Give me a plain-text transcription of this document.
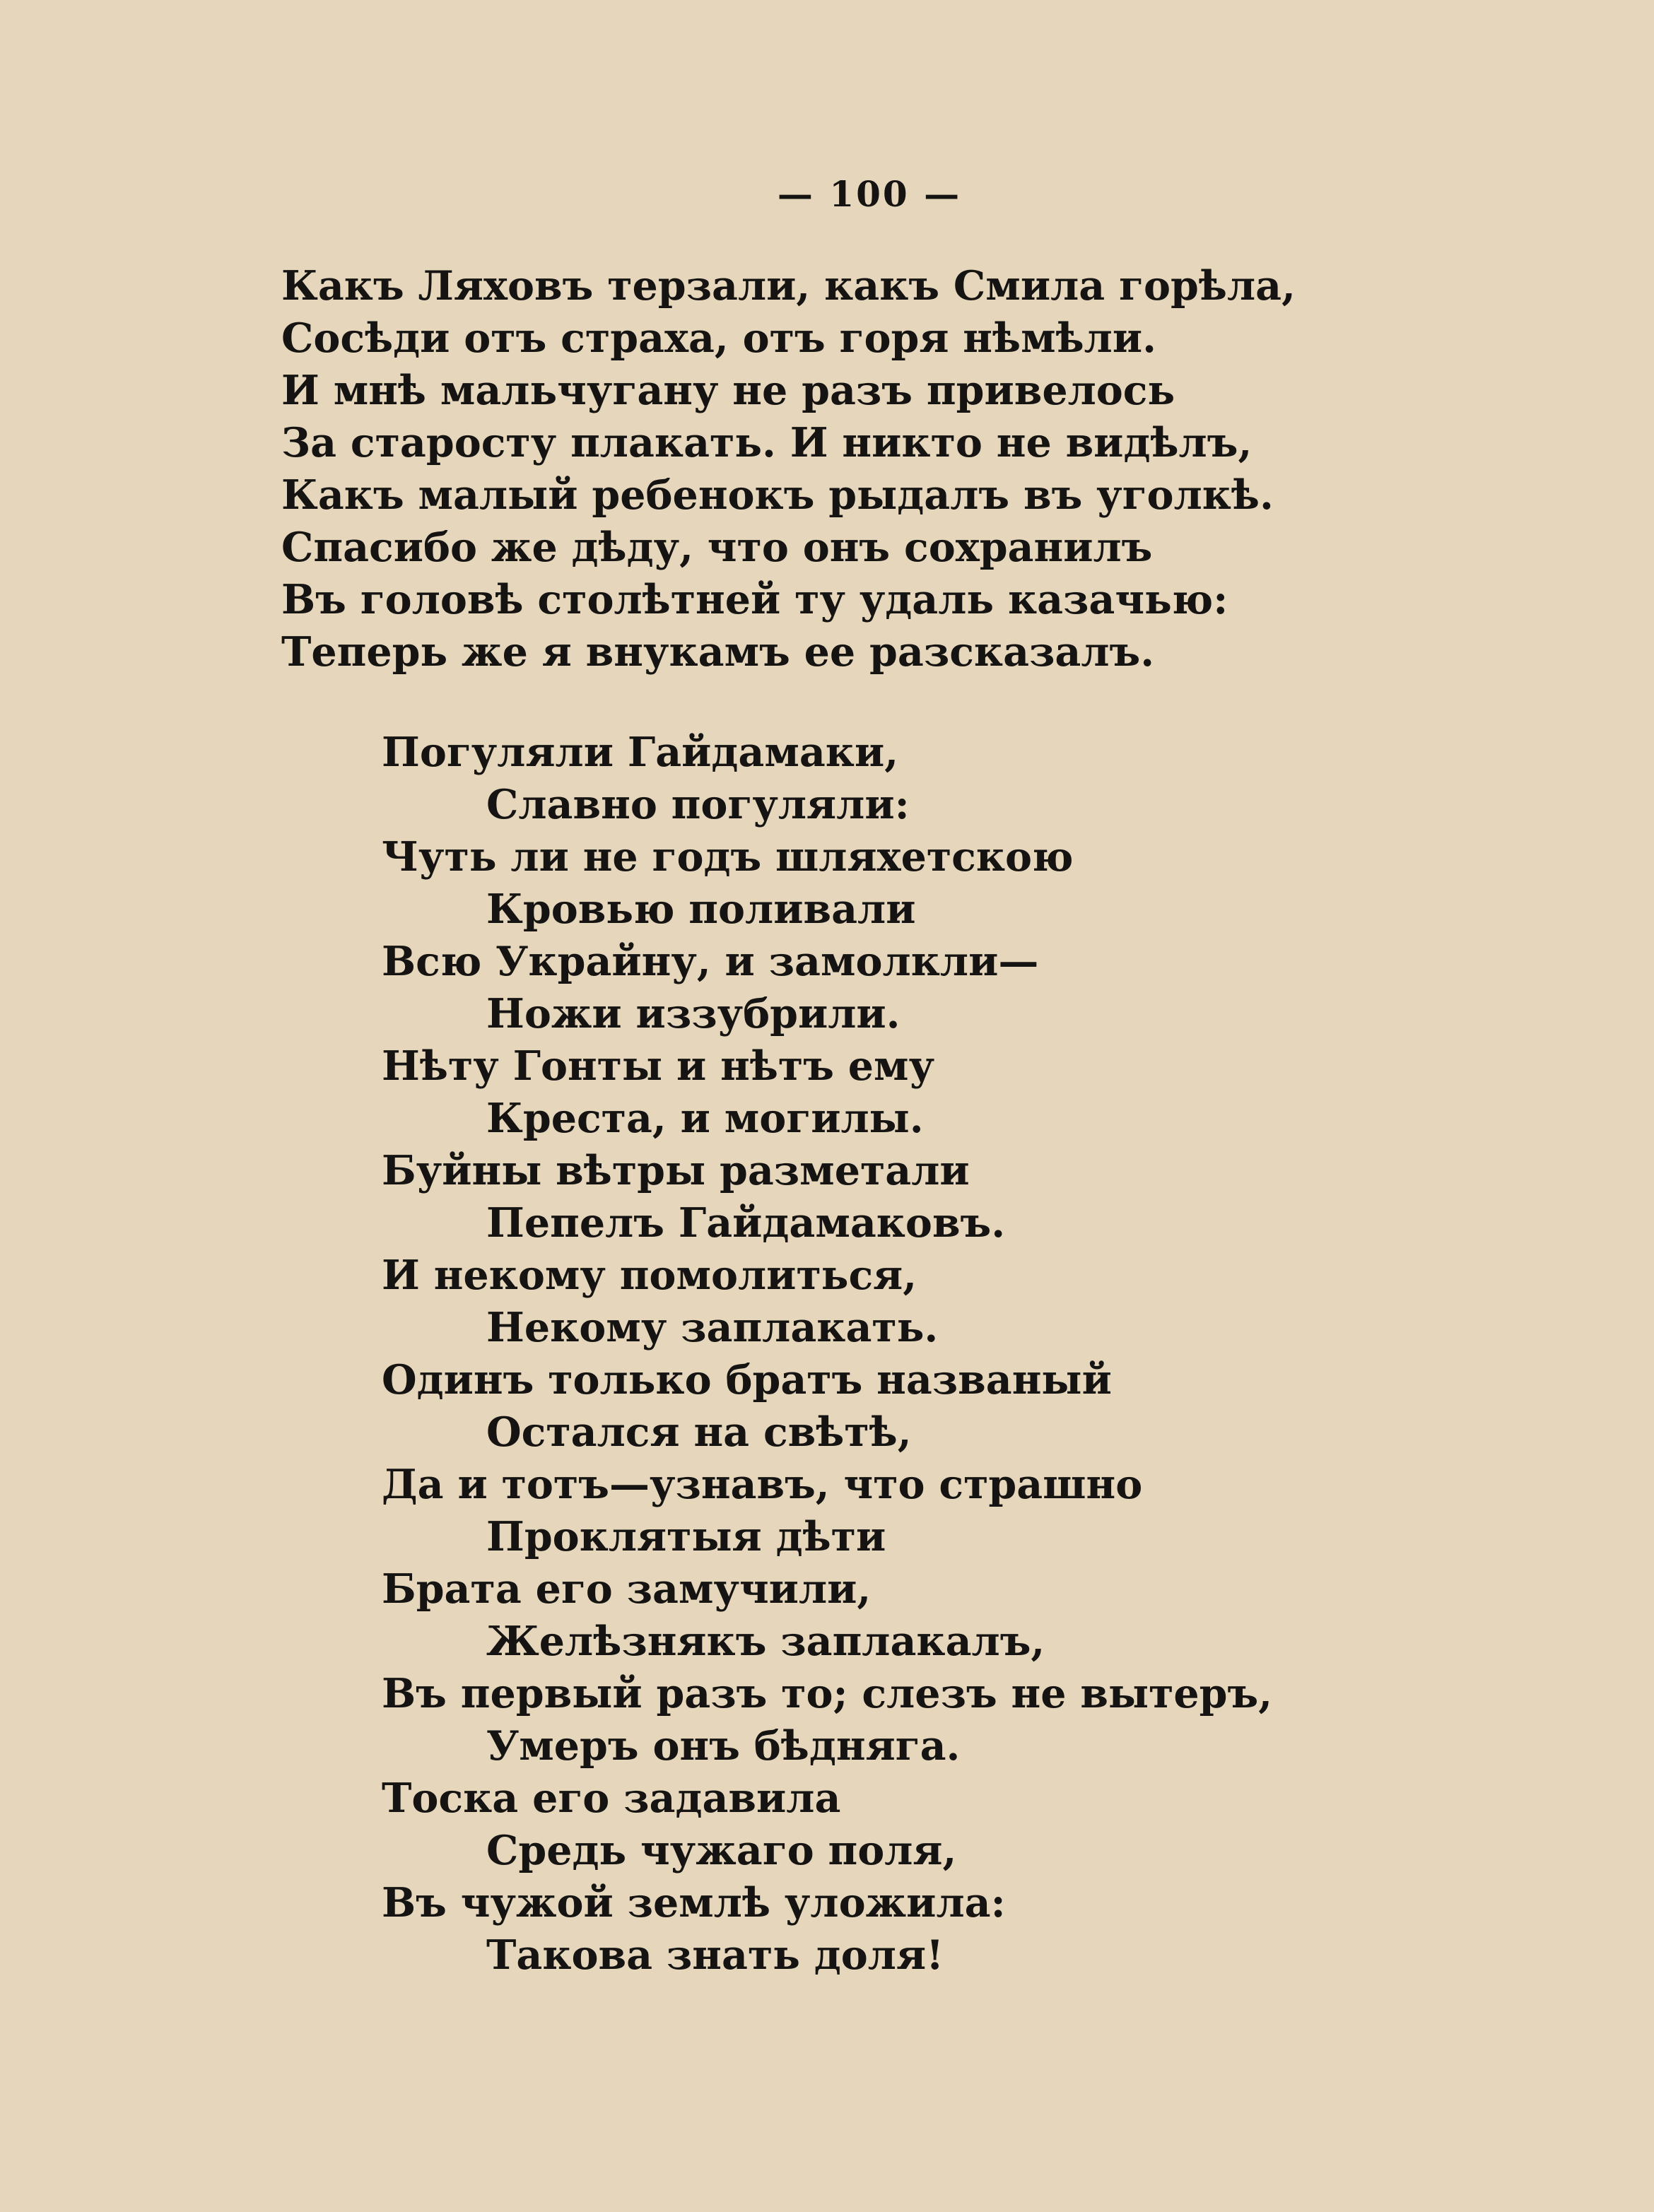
— 100 —
Какъ Ляховъ терзали, какъ Смила горѣла,
Сосѣди отъ страха, отъ горя нѣмѣли.
И мнѣ мальчугану не разъ привелось
За старосту плакать. И никто не видѣлъ,
Какъ малый ребенокъ рыдалъ въ уголкѣ.
Спасибо же дѣду, что онъ сохранилъ
Въ головѣ столѣтней ту удаль казачью:
Теперь же я внукамъ ее разсказалъ.
Погуляли Гайдамаки,
Славно погуляли:
Чуть ли не годъ шляхетскою
Кровью поливали
Всю Украйну, и замолкли—
Ножи иззубрили.
Нѣту Гонты и нѣтъ ему
Креста, и могилы.
Буйны вѣтры разметали
Пепелъ Гайдамаковъ.
И некому помолиться,
Некому заплакать.
Одинъ только братъ названый
Остался на свѣтѣ,
Да и тотъ—узнавъ, что страшно
Проклятыя дѣти
Брата его замучили,
Желѣзнякъ заплакалъ,
Въ первый разъ то; слезъ не вытеръ,
Умеръ онъ бѣдняга.
Тоска его задавила
Средь чужаго поля,
Въ чужой землѣ уложила:
Такова знать доля!
